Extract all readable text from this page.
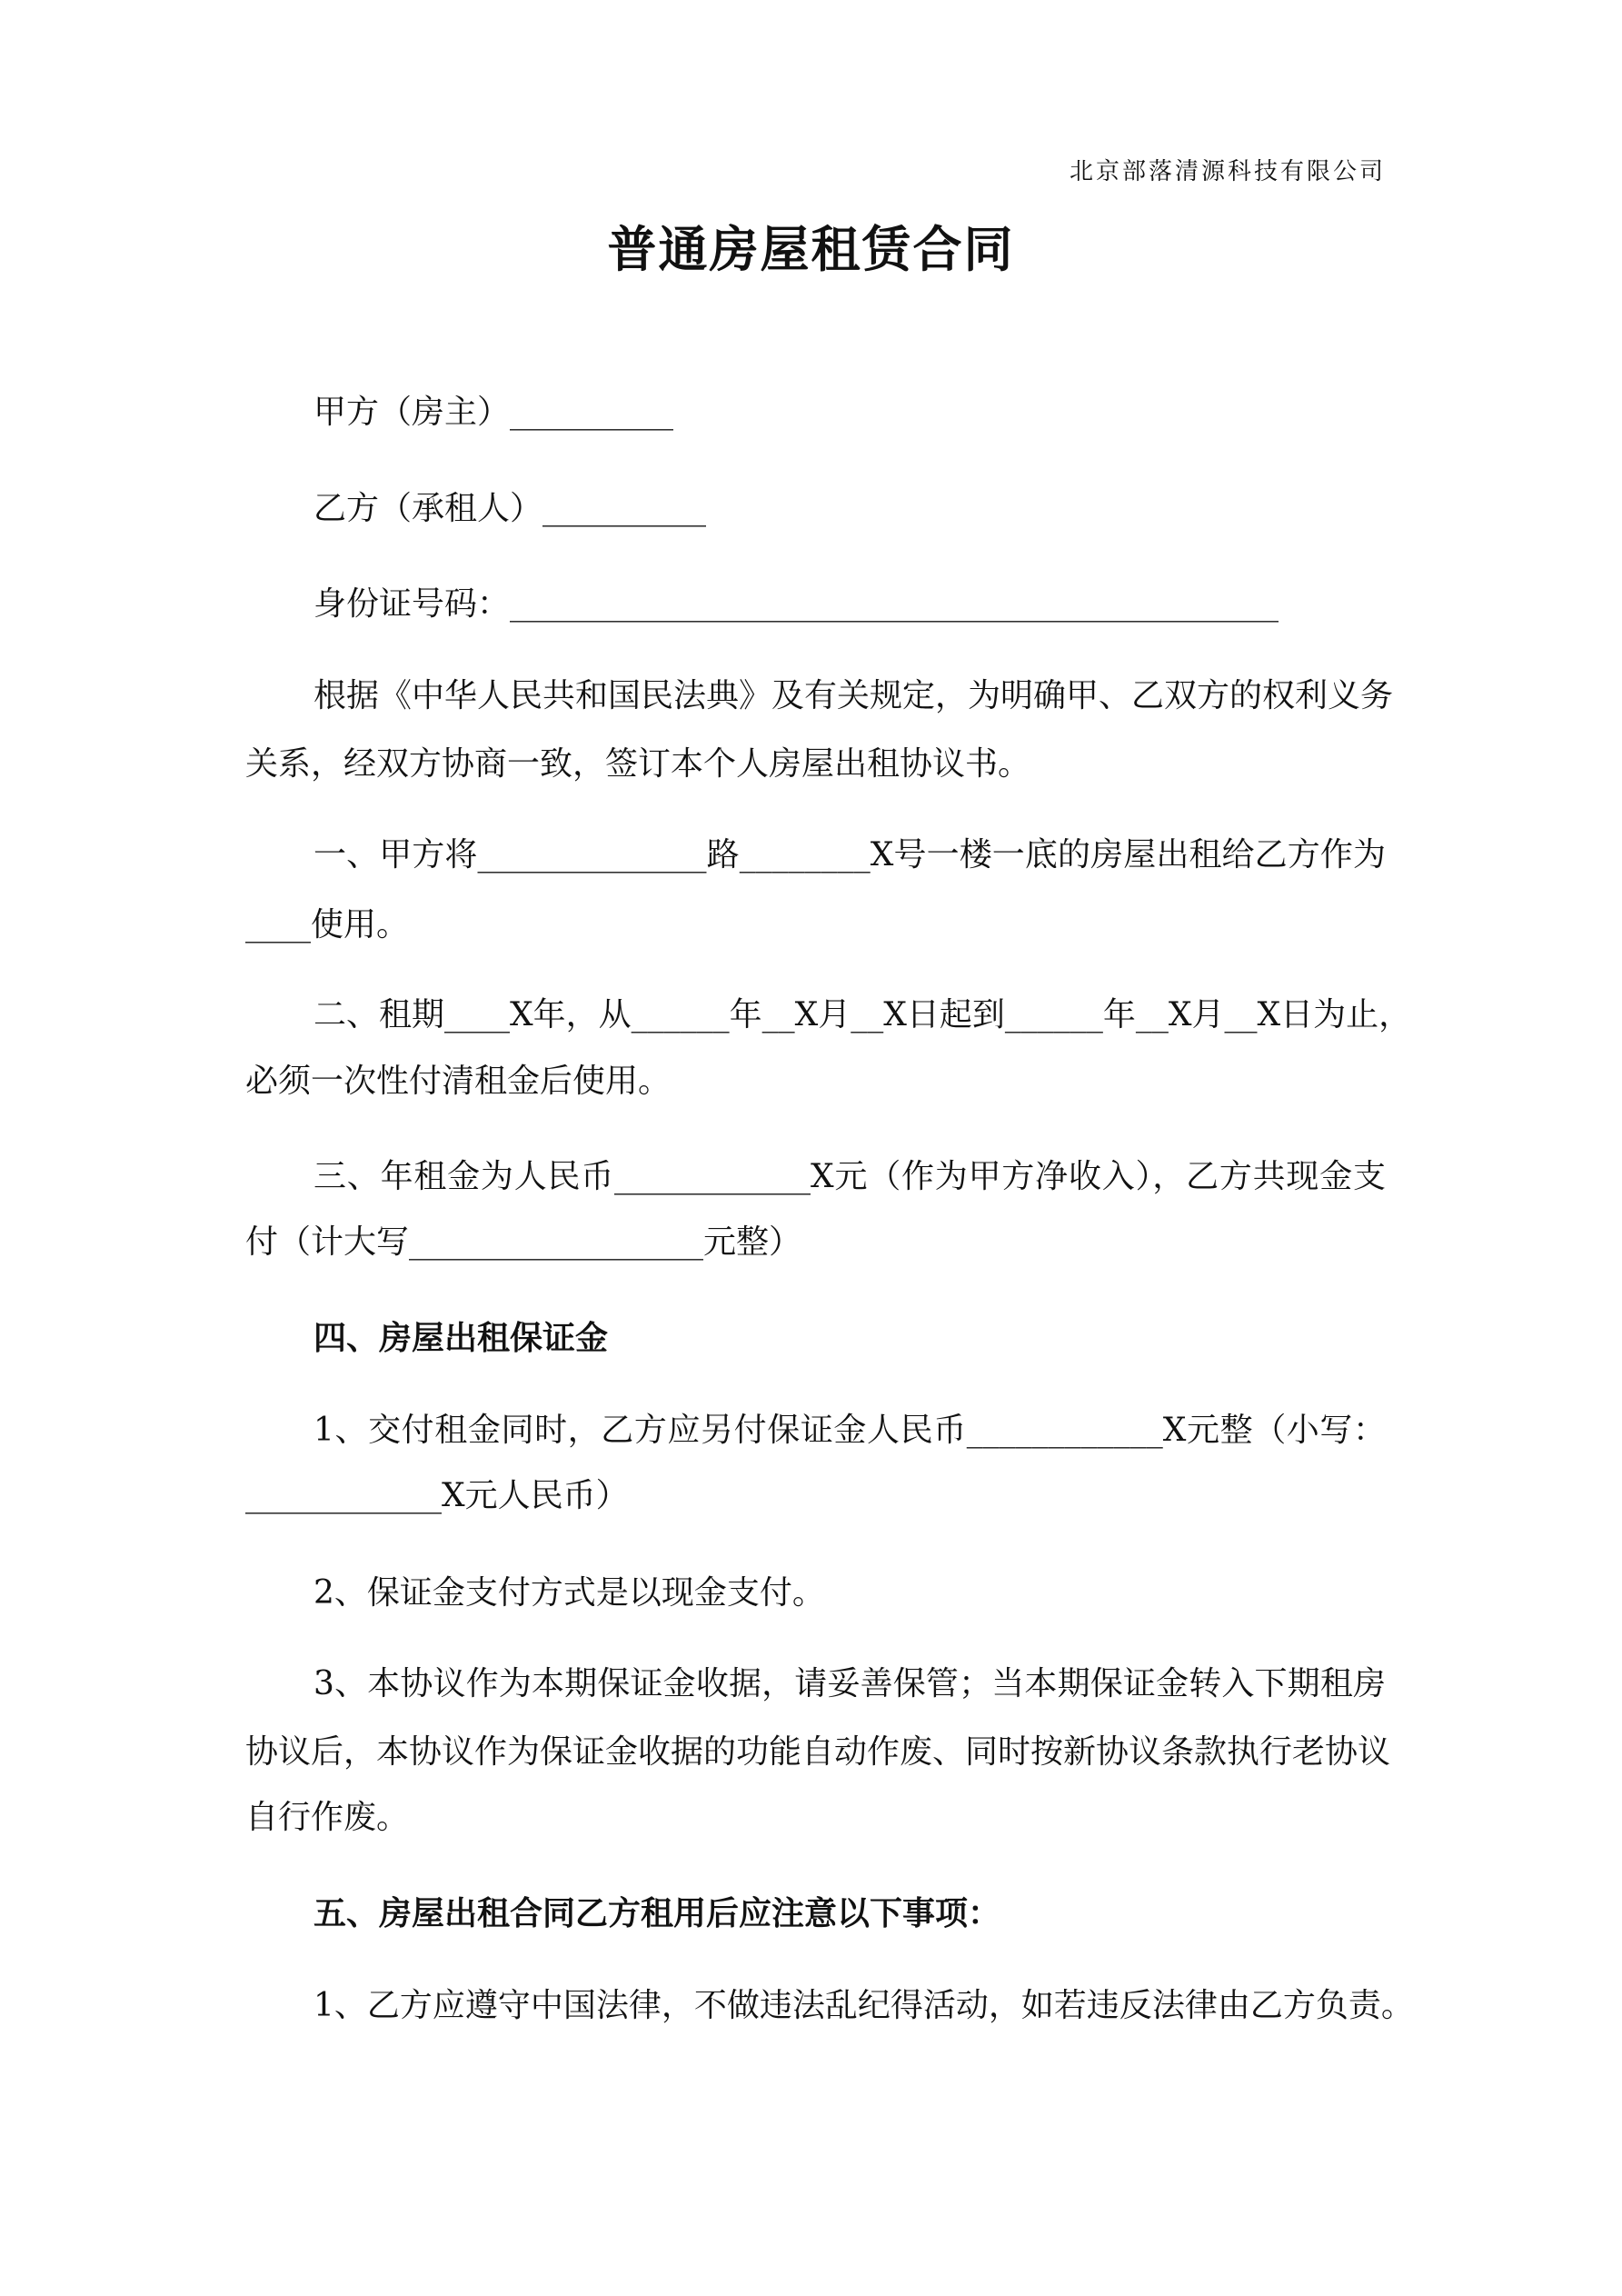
北京部落清源科技有限公司
普通房屋租赁合同
甲方（房主）__________
乙方（承租人）__________
身份证号码：_______________________________________________
根据《中华人民共和国民法典》及有关规定，为明确甲、乙双方的权利义务
关系，经双方协商一致，签订本个人房屋出租协议书。
一、甲方将______________路________X号一楼一底的房屋出租给乙方作为
____使用。
二、租期____X年，从______年__X月__X日起到______年__X月__X日为止，
必须一次性付清租金后使用。
三、年租金为人民币____________X元（作为甲方净收入），乙方共现金支
付（计大写__________________元整）
四、房屋出租保证金
1、交付租金同时，乙方应另付保证金人民币____________X元整（小写：
____________X元人民币）
2、保证金支付方式是以现金支付。
3、本协议作为本期保证金收据，请妥善保管；当本期保证金转入下期租房
协议后，本协议作为保证金收据的功能自动作废、同时按新协议条款执行老协议
自行作废。
五、房屋出租合同乙方租用后应注意以下事项：
1、乙方应遵守中国法律，不做违法乱纪得活动，如若违反法律由乙方负责。
